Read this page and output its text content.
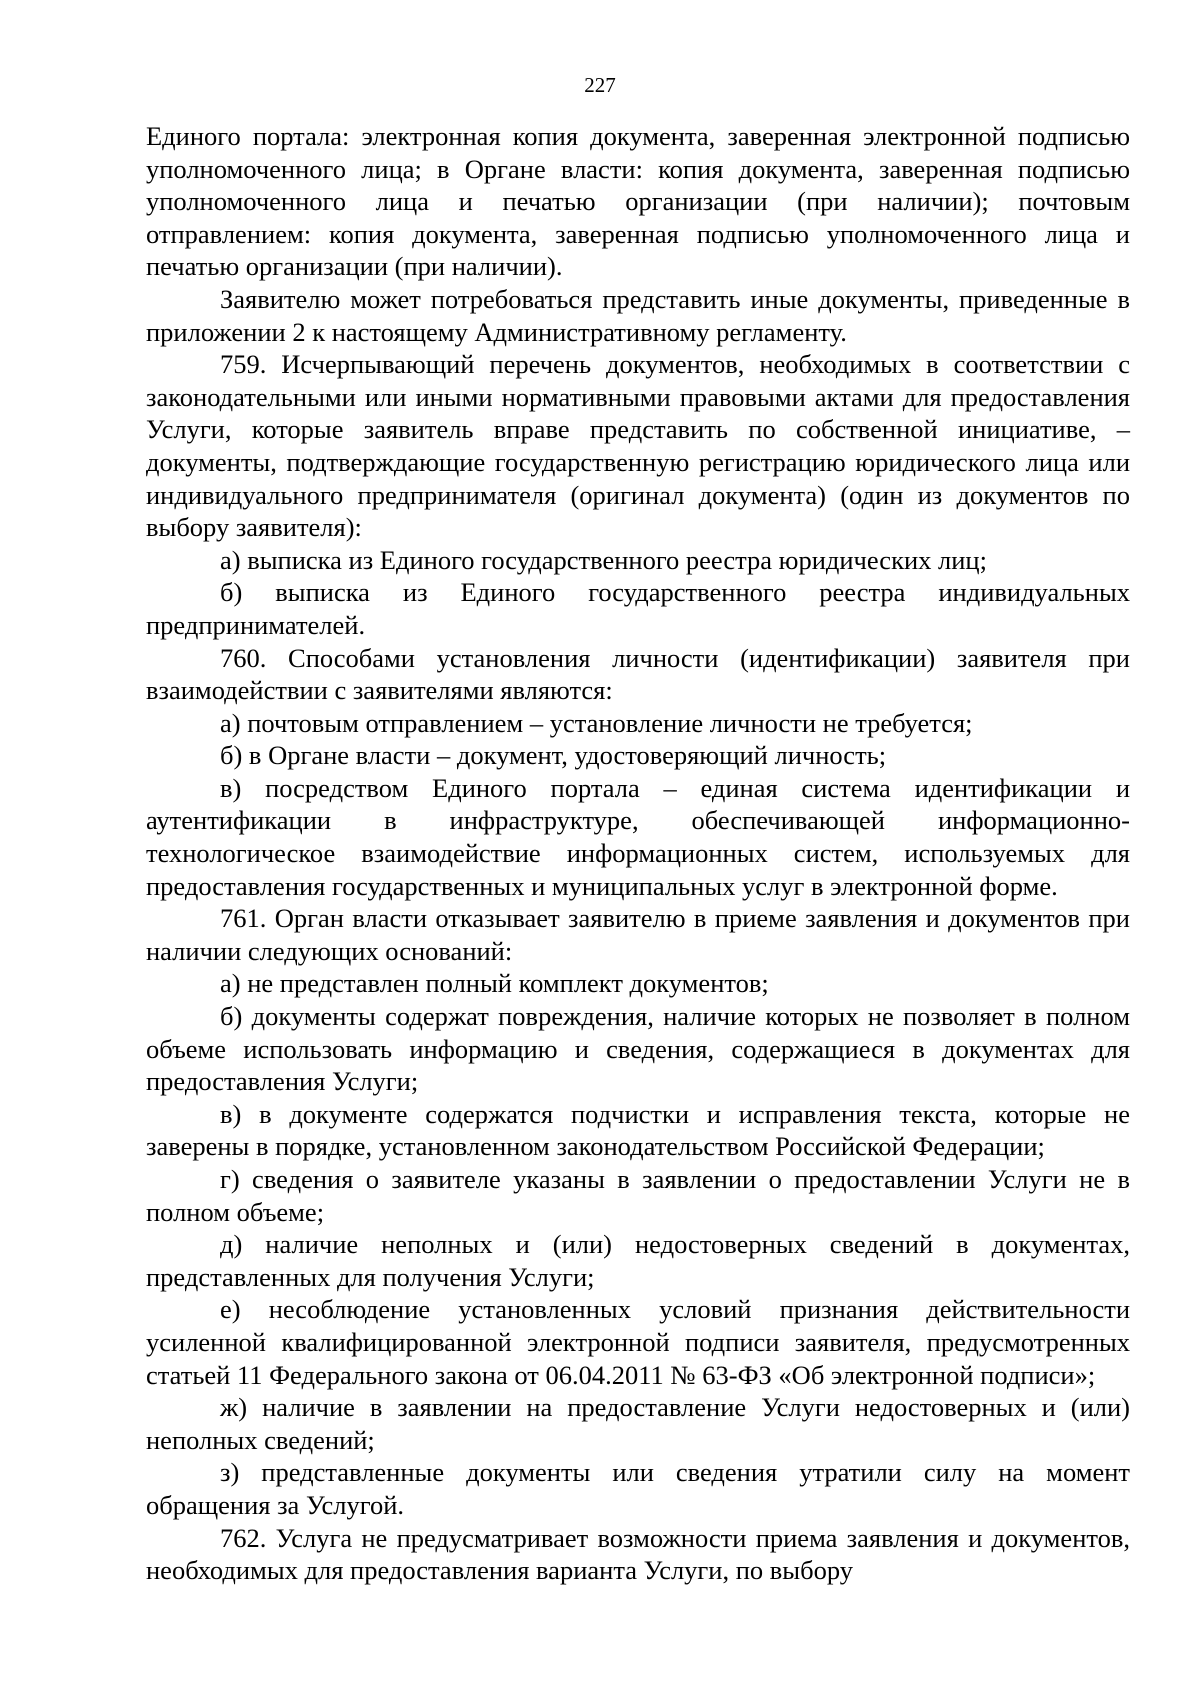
227

Единого портала: электронная копия документа, заверенная электронной подписью уполномоченного лица; в Органе власти: копия документа, заверенная подписью уполномоченного лица и печатью организации (при наличии); почтовым отправлением: копия документа, заверенная подписью уполномоченного лица и печатью организации (при наличии).

Заявителю может потребоваться представить иные документы, приведенные в приложении 2 к настоящему Административному регламенту.

759. Исчерпывающий перечень документов, необходимых в соответствии с законодательными или иными нормативными правовыми актами для предоставления Услуги, которые заявитель вправе представить по собственной инициативе, – документы, подтверждающие государственную регистрацию юридического лица или индивидуального предпринимателя (оригинал документа) (один из документов по выбору заявителя):

а) выписка из Единого государственного реестра юридических лиц;

б) выписка из Единого государственного реестра индивидуальных предпринимателей.

760. Способами установления личности (идентификации) заявителя при взаимодействии с заявителями являются:

а) почтовым отправлением – установление личности не требуется;

б) в Органе власти – документ, удостоверяющий личность;

в) посредством Единого портала – единая система идентификации и аутентификации в инфраструктуре, обеспечивающей информационно-технологическое взаимодействие информационных систем, используемых для предоставления государственных и муниципальных услуг в электронной форме.

761. Орган власти отказывает заявителю в приеме заявления и документов при наличии следующих оснований:

а) не представлен полный комплект документов;

б) документы содержат повреждения, наличие которых не позволяет в полном объеме использовать информацию и сведения, содержащиеся в документах для предоставления Услуги;

в) в документе содержатся подчистки и исправления текста, которые не заверены в порядке, установленном законодательством Российской Федерации;

г) сведения о заявителе указаны в заявлении о предоставлении Услуги не в полном объеме;

д) наличие неполных и (или) недостоверных сведений в документах, представленных для получения Услуги;

е) несоблюдение установленных условий признания действительности усиленной квалифицированной электронной подписи заявителя, предусмотренных статьей 11 Федерального закона от 06.04.2011 № 63-ФЗ «Об электронной подписи»;

ж) наличие в заявлении на предоставление Услуги недостоверных и (или) неполных сведений;

з) представленные документы или сведения утратили силу на момент обращения за Услугой.

762. Услуга не предусматривает возможности приема заявления и документов, необходимых для предоставления варианта Услуги, по выбору
